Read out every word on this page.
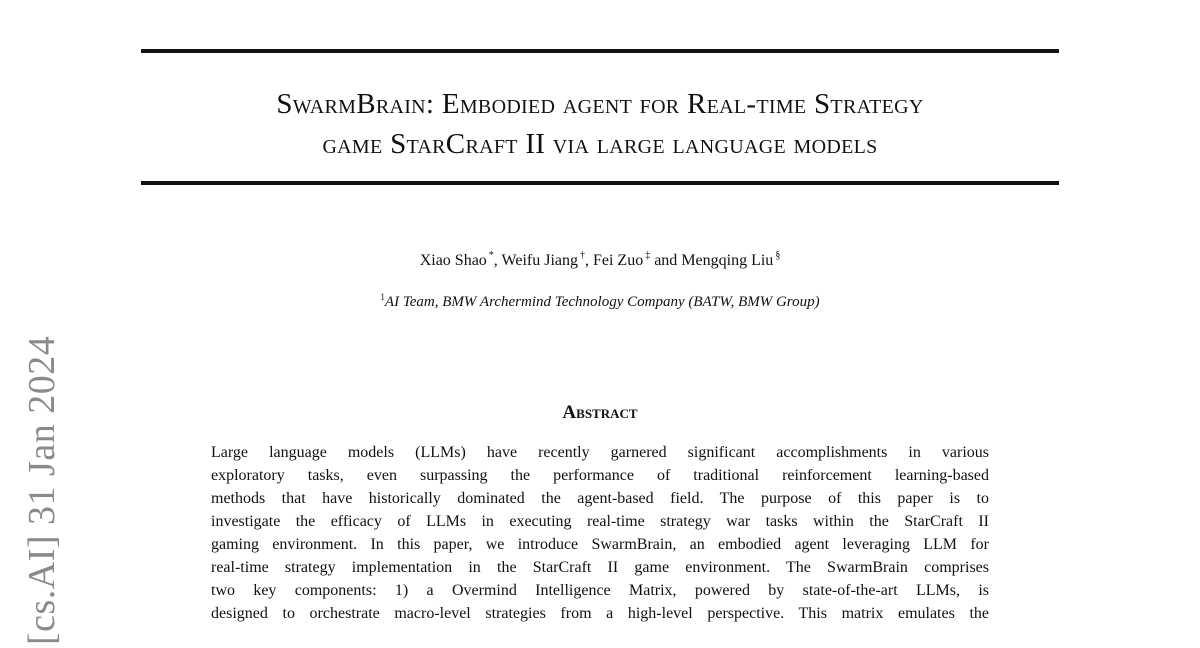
SwarmBrain: Embodied agent for Real-time Strategy
game StarCraft II via large language models
Xiao Shao *, Weifu Jiang †, Fei Zuo ‡ and Mengqing Liu §
$^1$AI Team, BMW Archermind Technology Company (BATW, BMW Group)
Abstract
Large language models (LLMs) have recently garnered significant accomplishments in various
exploratory tasks, even surpassing the performance of traditional reinforcement learning-based
methods that have historically dominated the agent-based field. The purpose of this paper is to
investigate the efficacy of LLMs in executing real-time strategy war tasks within the StarCraft II
gaming environment. In this paper, we introduce SwarmBrain, an embodied agent leveraging LLM for
real-time strategy implementation in the StarCraft II game environment. The SwarmBrain comprises
two key components: 1) a Overmind Intelligence Matrix, powered by state-of-the-art LLMs, is
designed to orchestrate macro-level strategies from a high-level perspective. This matrix emulates the
[cs.AI] 31 Jan 2024
